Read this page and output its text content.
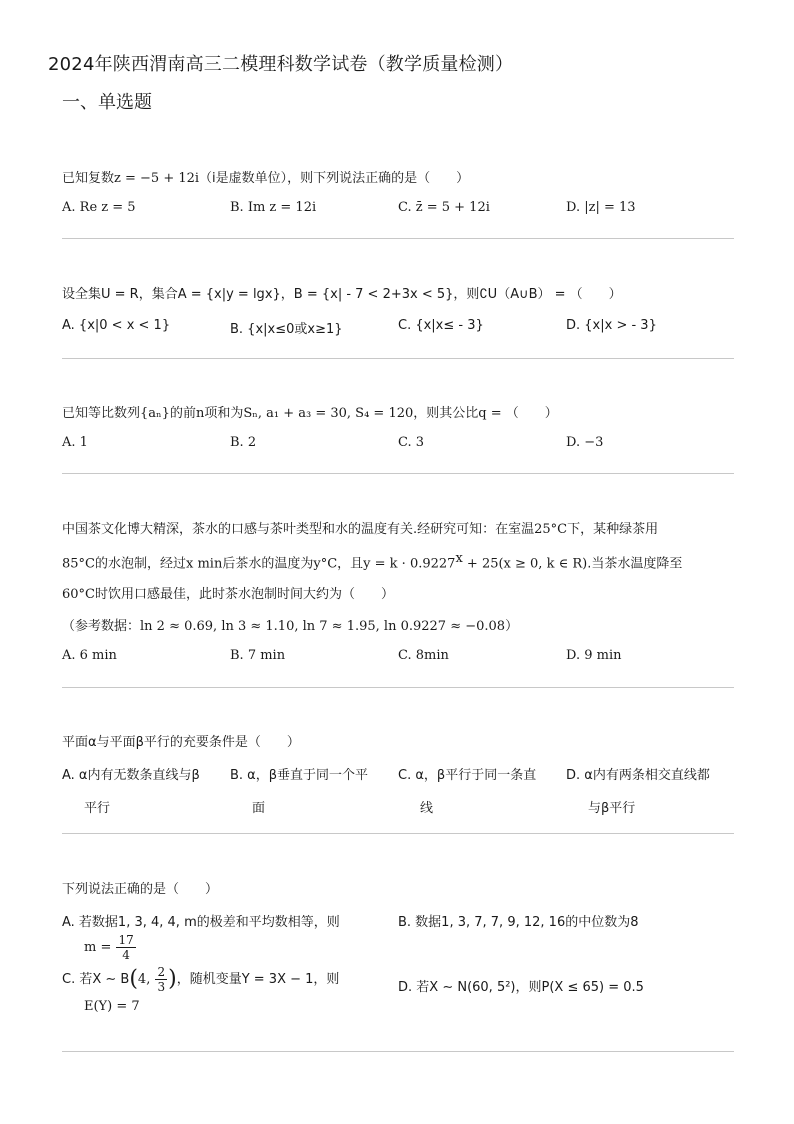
2024年陕西渭南高三二模理科数学试卷（教学质量检测）
一、单选题
已知复数z = −5 + 12i（i是虚数单位），则下列说法正确的是（　　）
A. Re z = 5	B. Im z = 12i	C. z̄ = 5 + 12i	D. |z| = 13
设全集U = R，集合A = {x|y = lgx}，B = {x| - 7 < 2+3x < 5}，则∁U（A∪B） = （　　）
A. {x|0 < x < 1}	B. {x|x≤0或x≥1}	C. {x|x≤ - 3}	D. {x|x > - 3}
已知等比数列{aₙ}的前n项和为Sₙ, a₁ + a₃ = 30, S₄ = 120，则其公比q = （　　）
A. 1	B. 2	C. 3	D. −3
中国茶文化博大精深，茶水的口感与茶叶类型和水的温度有关.经研究可知：在室温25°C下，某种绿茶用
85°C的水泡制，经过x min后茶水的温度为y°C，且$y = k \cdot 0.9227^x + 25(x \ge 0$, k ∈ R).当茶水温度降至
60°C时饮用口感最佳，此时茶水泡制时间大约为（　　）
（参考数据：ln 2 ≈ 0.69, ln 3 ≈ 1.10, ln 7 ≈ 1.95, ln 0.9227 ≈ −0.08）
A. 6 min	B. 7 min	C. 8min	D. 9 min
平面α与平面β平行的充要条件是（　　）
A. α内有无数条直线与β
平行
B. α，β垂直于同一个平
面
C. α，β平行于同一条直
线
D. α内有两条相交直线都
与β平行
下列说法正确的是（　　）
A. 若数据1, 3, 4, 4, m的极差和平均数相等，则
$m = \frac{17}{4}$
B. 数据1, 3, 7, 7, 9, 12, 16的中位数为8
C. 若X ∼ B(4, $\frac{2}{3}$ )，随机变量Y = 3X − 1，则
E(Y) = 7
D. 若X ∼ N(60, 5²)，则P(X ≤ 65) = 0.5
